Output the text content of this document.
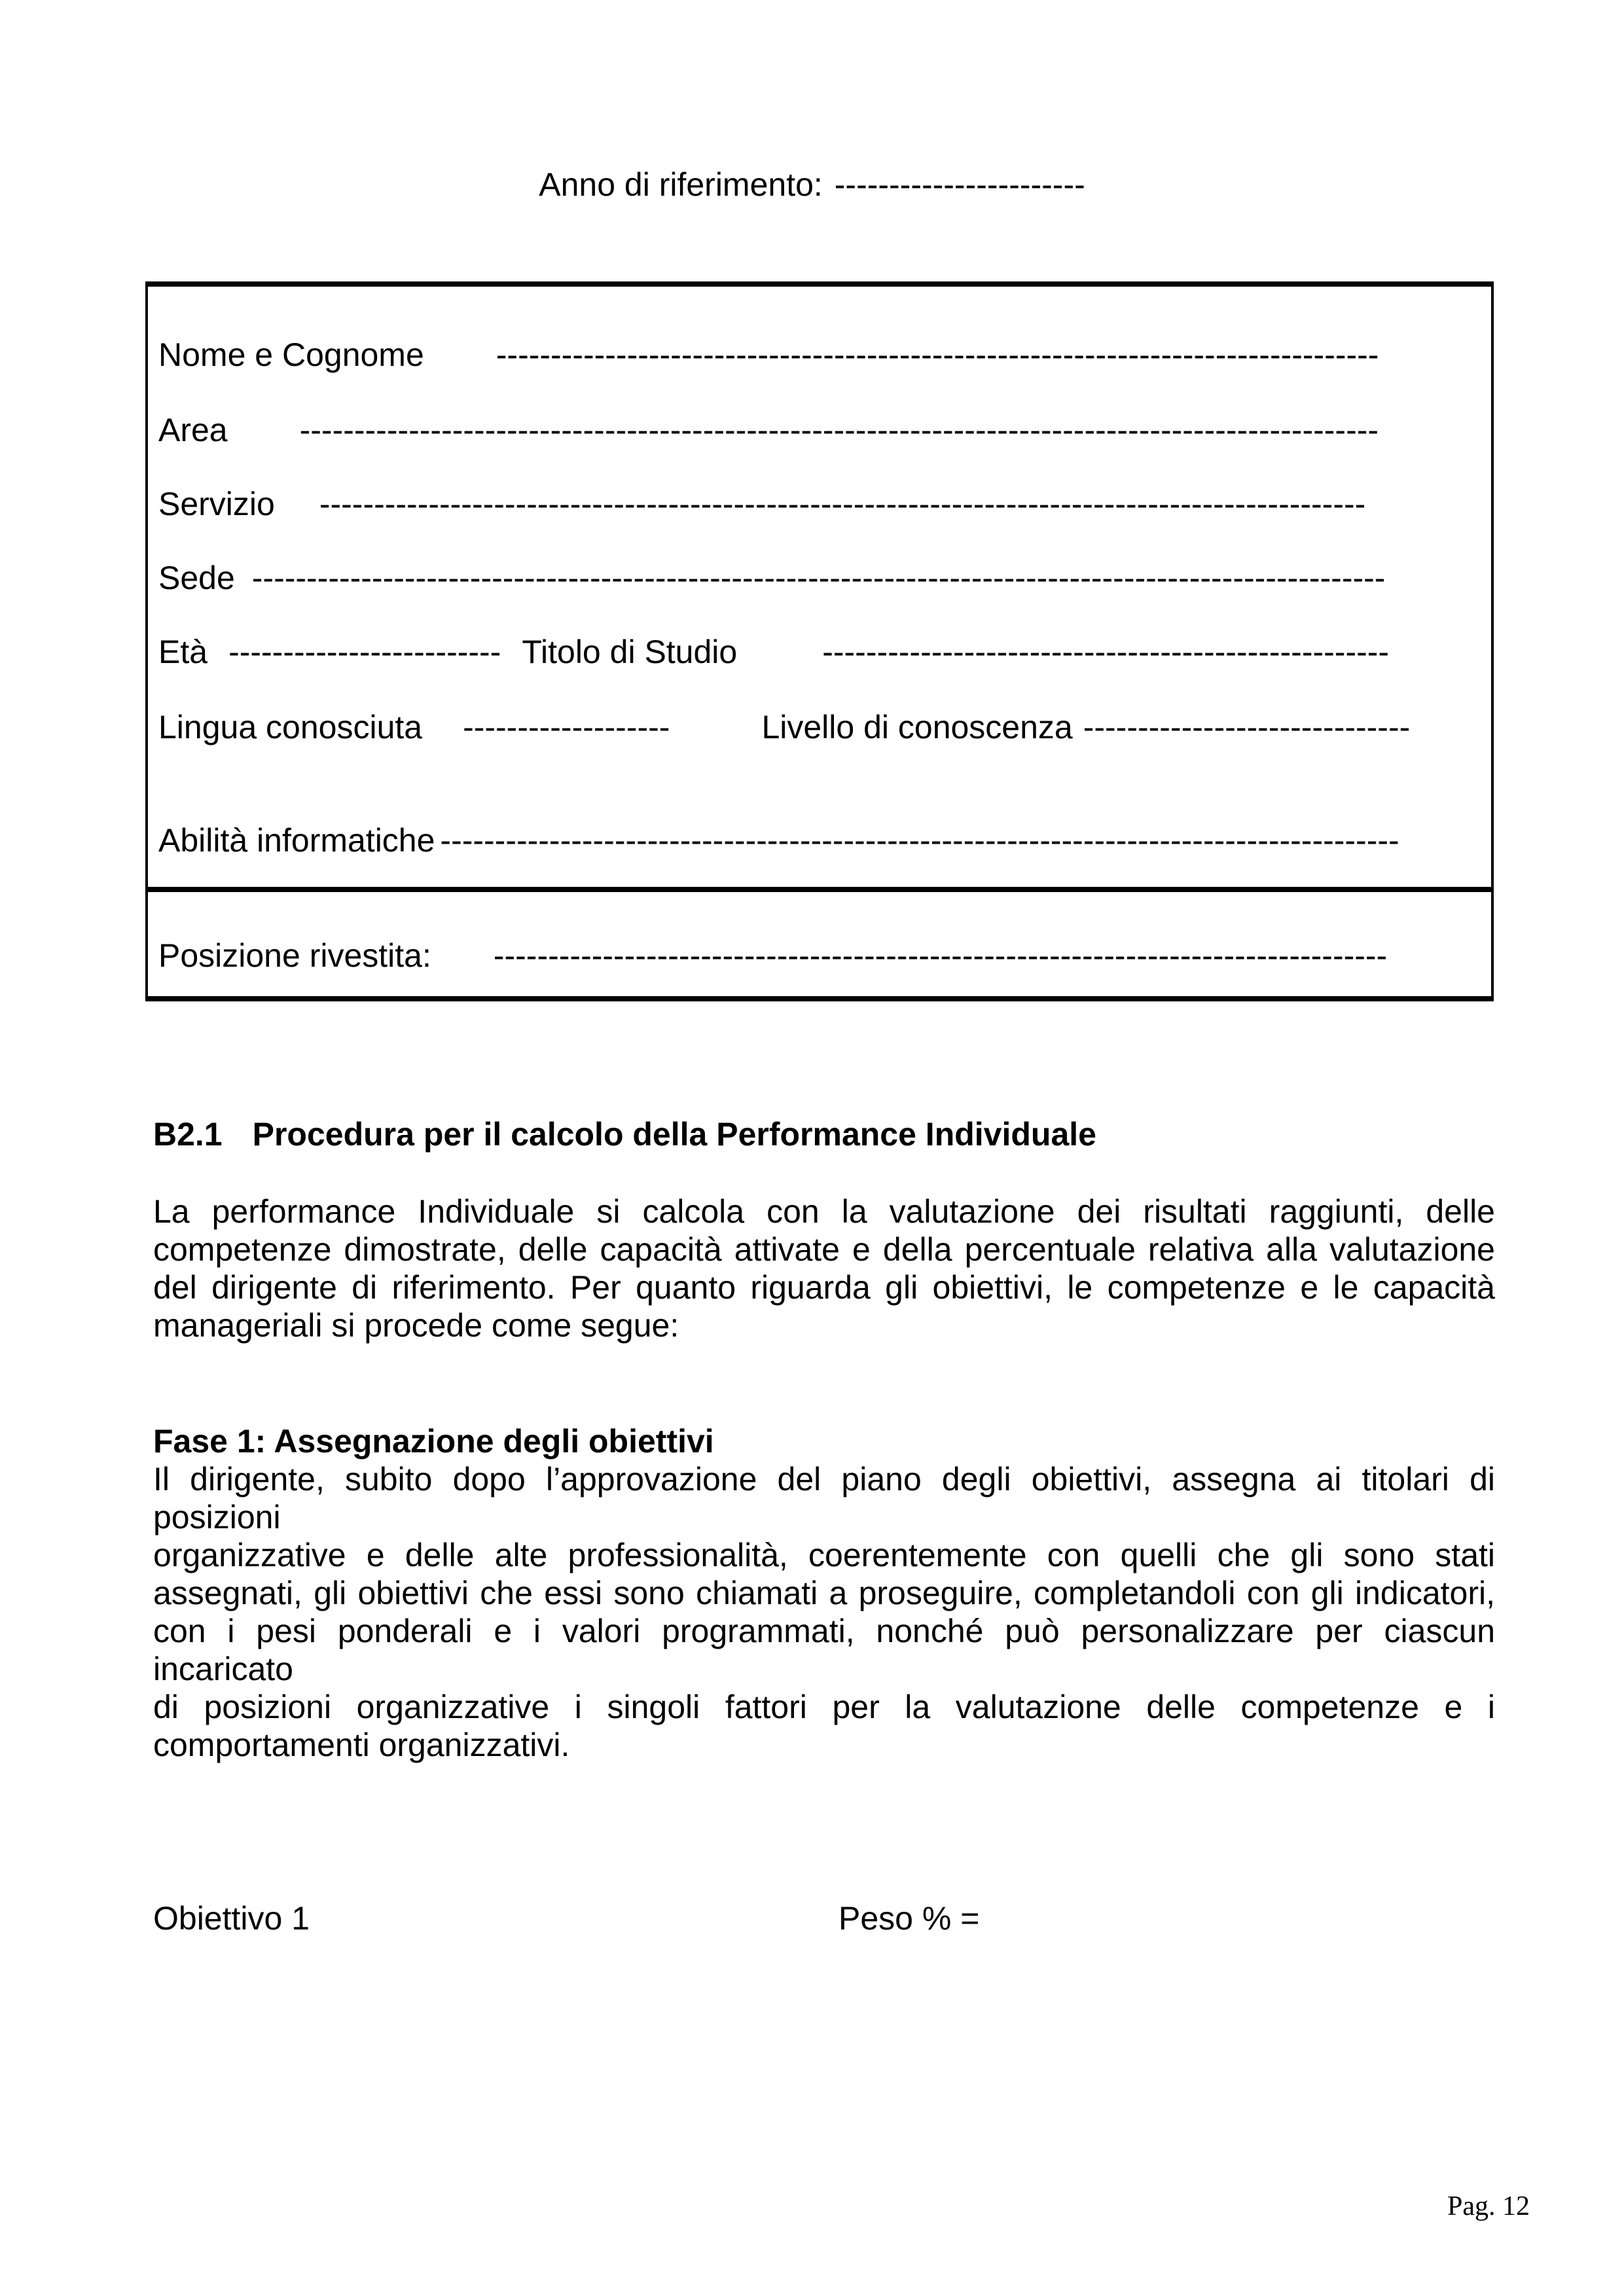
Anno di riferimento: -----------------------
Nome e Cognome ---------------------------------------------------------------------------------
Area ---------------------------------------------------------------------------------------------------
Servizio ------------------------------------------------------------------------------------------------
Sede --------------------------------------------------------------------------------------------------------
Età ------------------------- Titolo di Studio	----------------------------------------------------
Lingua conosciuta -------------------	Livello di conoscenza ------------------------------
Abilità informatiche ----------------------------------------------------------------------------------------
Posizione rivestita: ----------------------------------------------------------------------------------
B2.1 Procedura per il calcolo della Performance Individuale
La performance Individuale si calcola con la valutazione dei risultati raggiunti, delle
competenze dimostrate, delle capacità attivate e della percentuale relativa alla valutazione
del dirigente di riferimento. Per quanto riguarda gli obiettivi, le competenze e le capacità
manageriali si procede come segue:
Fase 1: Assegnazione degli obiettivi
Il dirigente, subito dopo l’approvazione del piano degli obiettivi, assegna ai titolari di posizioni
organizzative e delle alte professionalità, coerentemente con quelli che gli sono stati
assegnati, gli obiettivi che essi sono chiamati a proseguire, completandoli con gli indicatori,
con i pesi ponderali e i valori programmati, nonché può personalizzare per ciascun incaricato
di posizioni organizzative i singoli fattori per la valutazione delle competenze e i
comportamenti organizzativi.
Obiettivo 1	Peso % =
Pag. 12
